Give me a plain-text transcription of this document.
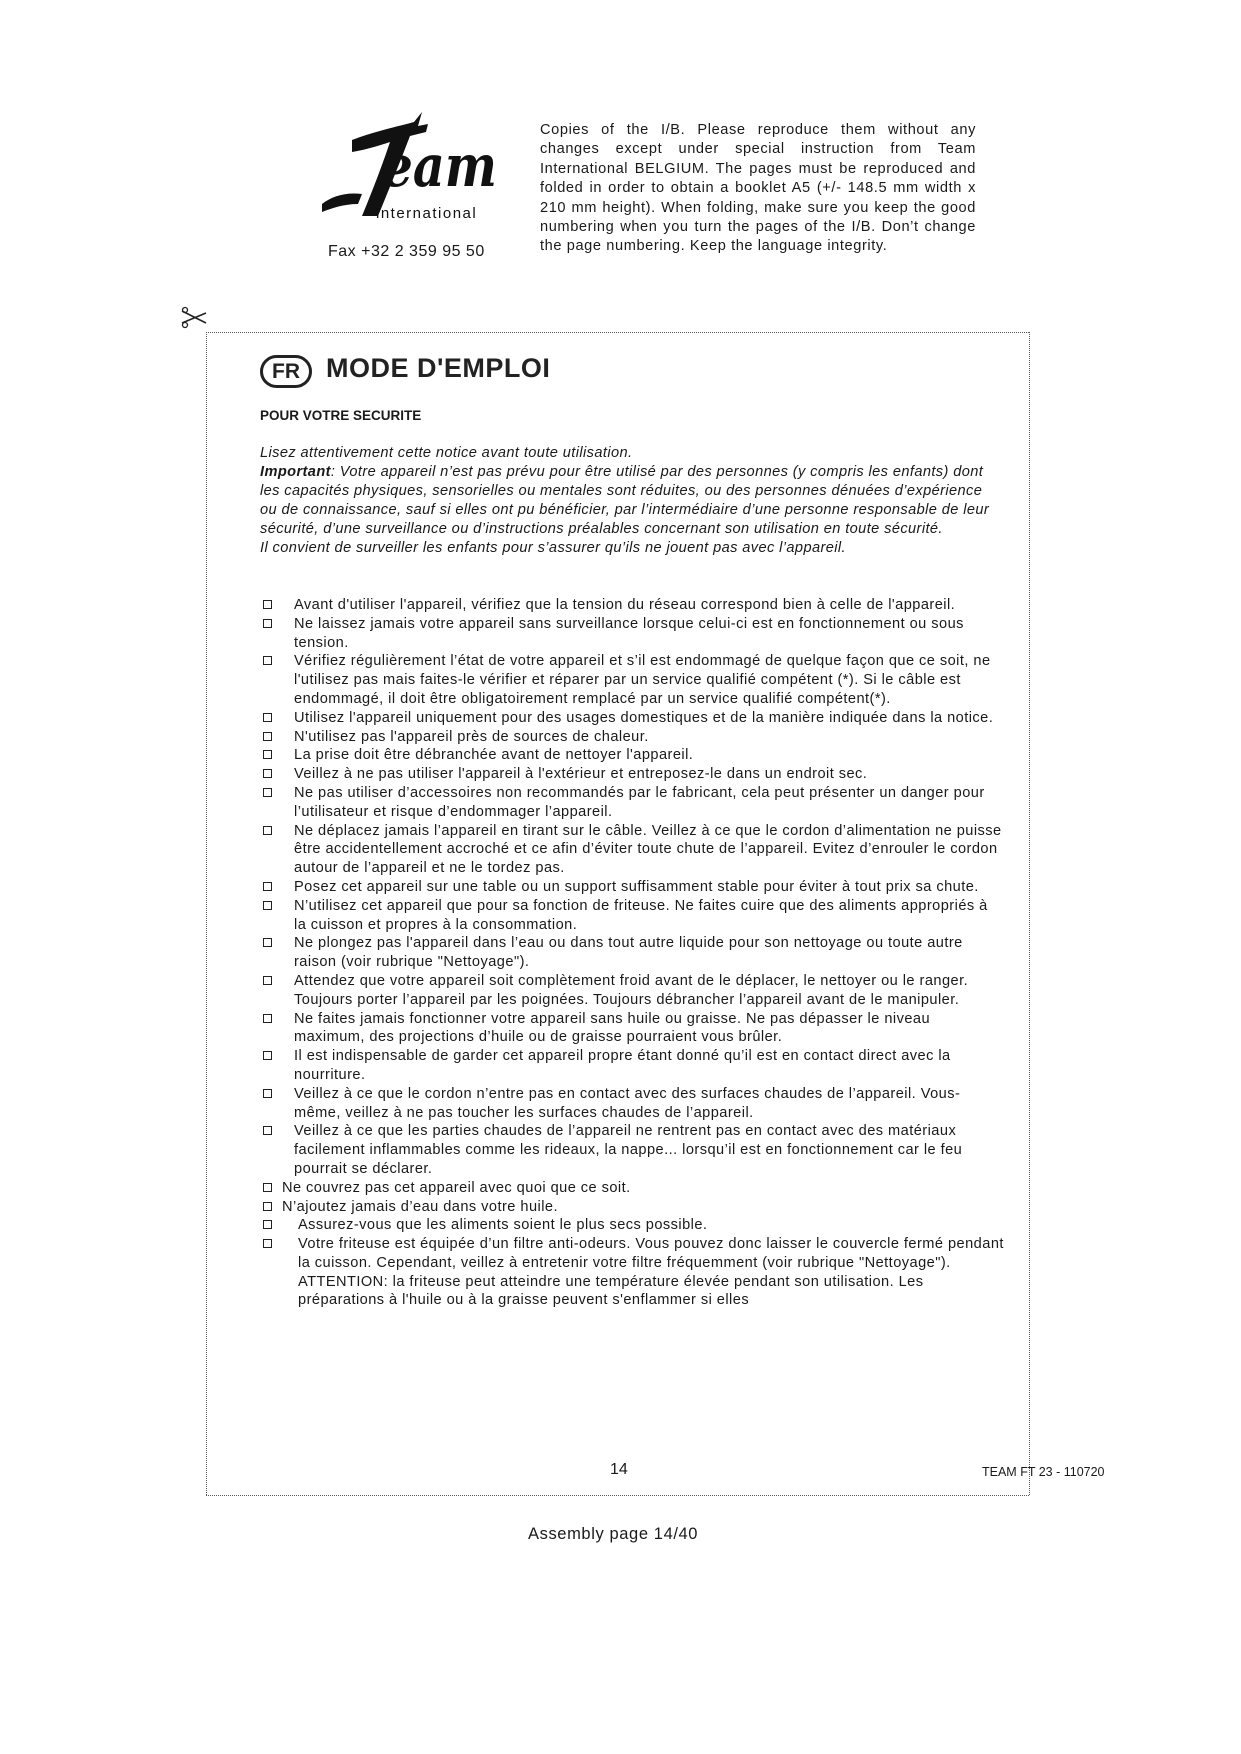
eam
international
Fax +32 2 359 95 50
Copies of the I/B. Please reproduce them without any changes except under special instruction from Team International BELGIUM. The pages must be reproduced and folded in order to obtain a booklet A5 (+/- 148.5 mm width x 210 mm height). When folding, make sure you keep the good numbering when you turn the pages of the I/B. Don’t change the page numbering. Keep the language integrity.
FR MODE D'EMPLOI
POUR VOTRE SECURITE

Lisez attentivement cette notice avant toute utilisation.

Important: Votre appareil n’est pas prévu pour être utilisé par des personnes (y compris les enfants) dont les capacités physiques, sensorielles ou mentales sont réduites, ou des personnes dénuées d’expérience ou de connaissance, sauf si elles ont pu bénéficier, par l’intermédiaire d’une personne responsable de leur sécurité, d’une surveillance ou d’instructions préalables concernant son utilisation en toute sécurité.

Il convient de surveiller les enfants pour s’assurer qu’ils ne jouent pas avec l’appareil.

Avant d'utiliser l'appareil, vérifiez que la tension du réseau correspond bien à celle de l'appareil.
Ne laissez jamais votre appareil sans surveillance lorsque celui-ci est en fonctionnement ou sous tension.
Vérifiez régulièrement l’état de votre appareil et s’il est endommagé de quelque façon que ce soit, ne l'utilisez pas mais faites-le vérifier et réparer par un service qualifié compétent (*). Si le câble est endommagé, il doit être obligatoirement remplacé par un service qualifié compétent(*).
Utilisez l'appareil uniquement pour des usages domestiques et de la manière indiquée dans la notice.
N'utilisez pas l'appareil près de sources de chaleur.
La prise doit être débranchée avant de nettoyer l'appareil.
Veillez à ne pas utiliser l'appareil à l'extérieur et entreposez-le dans un endroit sec.
Ne pas utiliser d’accessoires non recommandés par le fabricant, cela peut présenter un danger pour l’utilisateur et risque d’endommager l’appareil.
Ne déplacez jamais l’appareil en tirant sur le câble. Veillez à ce que le cordon d’alimentation ne puisse être accidentellement accroché et ce afin d’éviter toute chute de l’appareil. Evitez d’enrouler le cordon autour de l’appareil et ne le tordez pas.
Posez cet appareil sur une table ou un support suffisamment stable pour éviter à tout prix sa chute.
N’utilisez cet appareil que pour sa fonction de friteuse. Ne faites cuire que des aliments appropriés à la cuisson et propres à la consommation.
Ne plongez pas l'appareil dans l’eau ou dans tout autre liquide pour son nettoyage ou toute autre raison (voir rubrique "Nettoyage").
Attendez que votre appareil soit complètement froid avant de le déplacer, le nettoyer ou le ranger. Toujours porter l’appareil par les poignées. Toujours débrancher l’appareil avant de le manipuler.
Ne faites jamais fonctionner votre appareil sans huile ou graisse. Ne pas dépasser le niveau maximum, des projections d’huile ou de graisse pourraient vous brûler.
Il est indispensable de garder cet appareil propre étant donné qu’il est en contact direct avec la nourriture.
Veillez à ce que le cordon n’entre pas en contact avec des surfaces chaudes de l’appareil. Vous-même, veillez à ne pas toucher les surfaces chaudes de l’appareil.
Veillez à ce que les parties chaudes de l’appareil ne rentrent pas en contact avec des matériaux facilement inflammables comme les rideaux, la nappe... lorsqu’il est en fonctionnement car le feu pourrait se déclarer.
Ne couvrez pas cet appareil avec quoi que ce soit.
N’ajoutez jamais d’eau dans votre huile.
Assurez-vous que les aliments soient le plus secs possible.
Votre friteuse est équipée d’un filtre anti-odeurs. Vous pouvez donc laisser le couvercle fermé pendant la cuisson. Cependant, veillez à entretenir votre filtre fréquemment (voir rubrique "Nettoyage"). ATTENTION: la friteuse peut atteindre une température élevée pendant son utilisation. Les préparations à l'huile ou à la graisse peuvent s'enflammer si elles
14	TEAM FT 23 - 110720
Assembly page 14/40
